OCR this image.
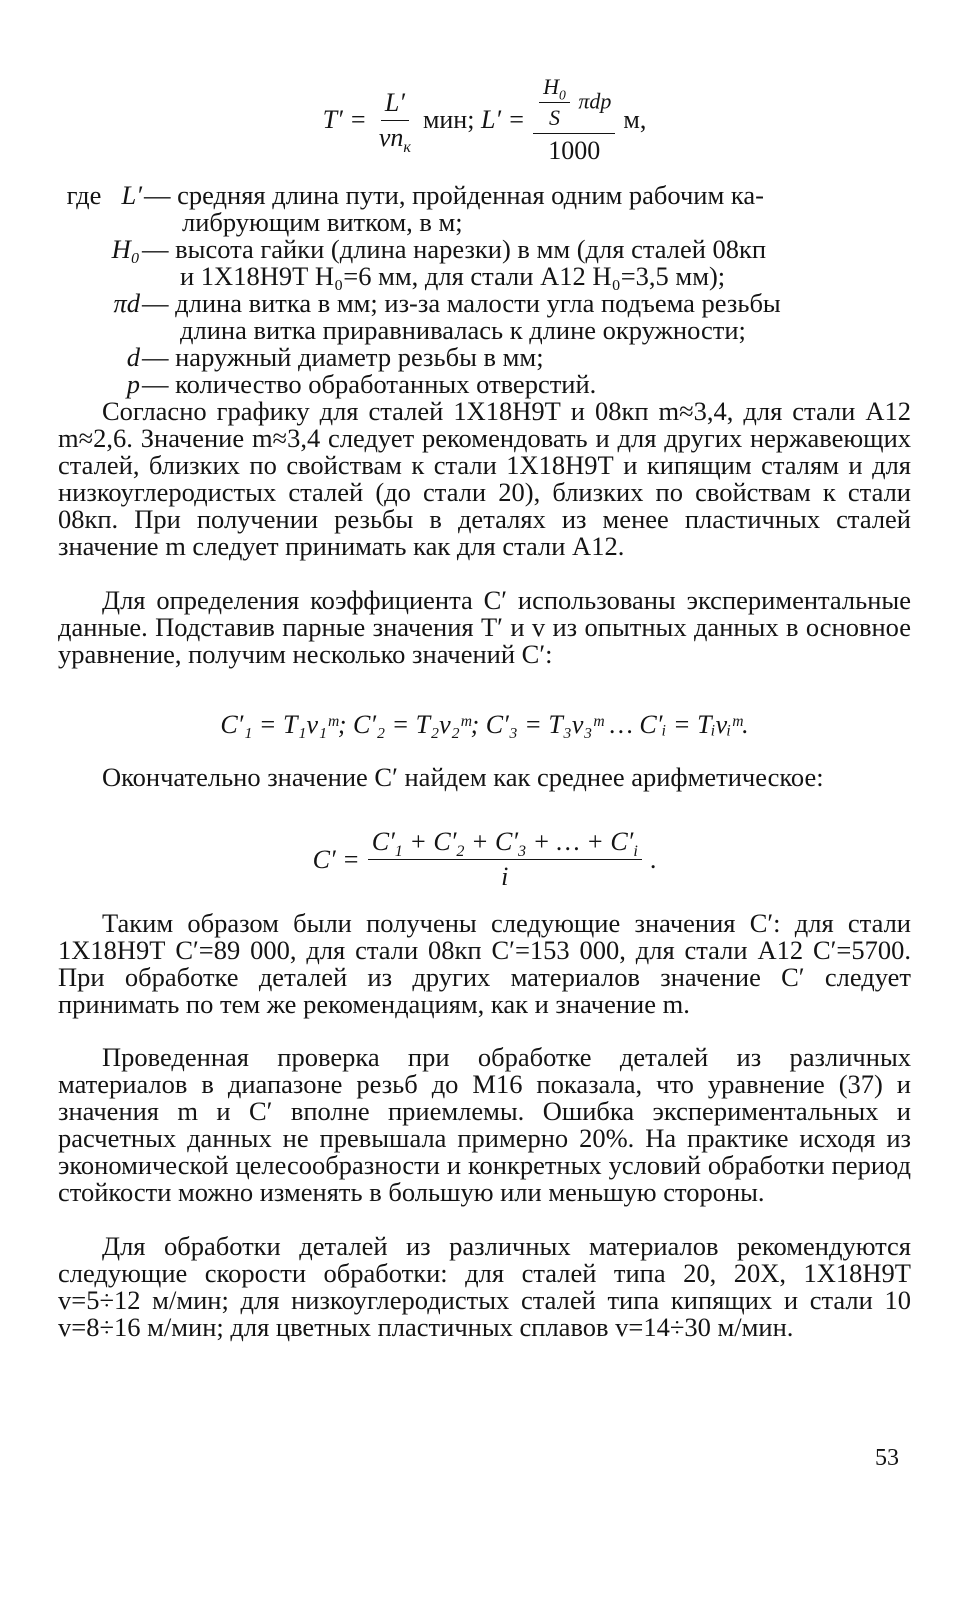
$T' = \frac{L'}{vn_к}$ мин; $L' = \frac{\frac{H_0}{S} \pi dp}{1000} м$,
где L′ — средняя длина пути, пройденная одним рабочим ка-
либрующим витком, в м;
H₀ — высота гайки (длина нарезки) в мм (для сталей 08кп
и 1Х18Н9Т H₀=6 мм, для стали А12 H₀=3,5 мм);
πd — длина витка в мм; из-за малости угла подъема резьбы
длина витка приравнивалась к длине окружности;
d — наружный диаметр резьбы в мм;
p — количество обработанных отверстий.

Согласно графику для сталей 1Х18Н9Т и 08кп m≈3,4, для стали А12 m≈2,6. Значение m≈3,4 следует рекомендовать и для других нержавеющих сталей, близких по свойствам к стали 1Х18Н9Т и кипящим сталям и для низкоуглеродистых сталей (до стали 20), близких по свойствам к стали 08кп. При получении резьбы в деталях из менее пластичных сталей значение m следует принимать как для стали А12.

Для определения коэффициента C′ использованы экспериментальные данные. Подставив парные значения T′ и v из опытных данных в основное уравнение, получим несколько значений C′:

C′₁ = T₁v₁ᵐ; C′₂ = T₂v₂ᵐ; C′₃ = T₃v₃ᵐ … C′ᵢ = Tᵢvᵢᵐ.

Окончательно значение C′ найдем как среднее арифметическое:

$C' = \frac{C'_1 + C'_2 + C'_3 + \dots + C'_i}{i}$ .

Таким образом были получены следующие значения C′: для стали 1Х18Н9Т C′=89 000, для стали 08кп C′=153 000, для стали А12 C′=5700. При обработке деталей из других материалов значение C′ следует принимать по тем же рекомендациям, как и значение m.

Проведенная проверка при обработке деталей из различных материалов в диапазоне резьб до М16 показала, что уравнение (37) и значения m и C′ вполне приемлемы. Ошибка экспериментальных и расчетных данных не превышала примерно 20%. На практике исходя из экономической целесообразности и конкретных условий обработки период стойкости можно изменять в большую или меньшую стороны.

Для обработки деталей из различных материалов рекомендуются следующие скорости обработки: для сталей типа 20, 20Х, 1Х18Н9Т v=5÷12 м/мин; для низкоуглеродистых сталей типа кипящих и стали 10 v=8÷16 м/мин; для цветных пластичных сплавов v=14÷30 м/мин.

53
